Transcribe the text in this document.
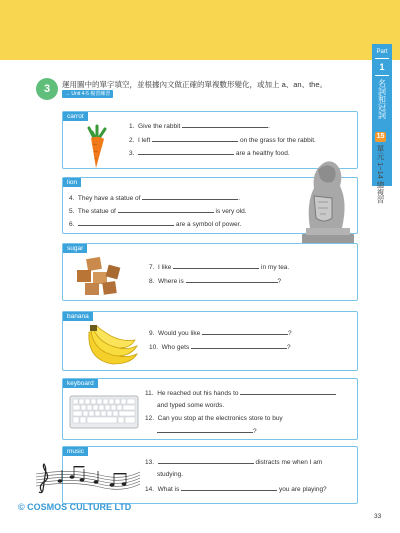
Part
1
名詞和冠詞
15
單元 1~14 總複習
3	運用圖中的單字填空，並根據內文做正確的單複數形變化，或加上 a、an、the。
→ Unit 4-5 複習練習
carrot
1. Give the rabbit	.
2. I left	on the grass for the rabbit.
3.	are a healthy food.
lion
4. They have a statue of	.
5. The statue of	is very old.
6.	are a symbol of power.
sugar
7. I like	in my tea.
8. Where is	?
banana
9. Would you like	?
10. Who gets	?
keyboard
11. He reached out his hands to
and typed some words.
12. Can you stop at the electronics store to buy
?
music
13.	distracts me when I am
studying.
14. What is	you are playing?
© COSMOS CULTURE LTD
33
